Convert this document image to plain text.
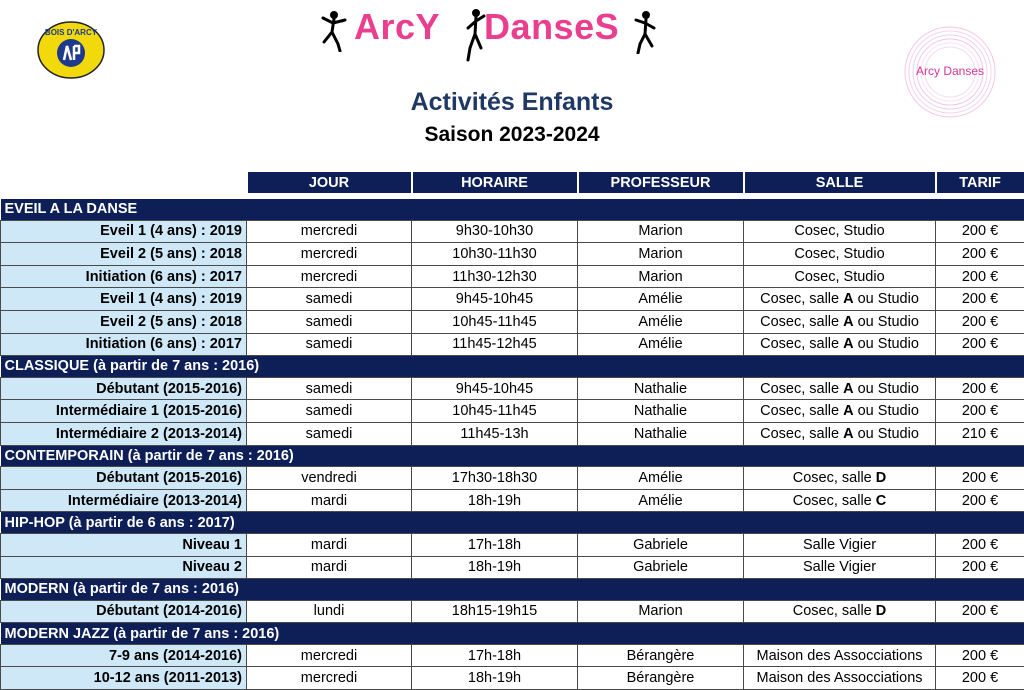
ArcY DanseS
BOIS D'ARCY
Arcy Danses
Activités Enfants
Saison 2023-2024
	JOUR	HORAIRE	PROFESSEUR	SALLE	TARIF

EVEIL A LA DANSE					
Eveil 1 (4 ans) : 2019	mercredi	9h30-10h30	Marion	Cosec, Studio	200 €
Eveil 2 (5 ans) : 2018	mercredi	10h30-11h30	Marion	Cosec, Studio	200 €
Initiation (6 ans) : 2017	mercredi	11h30-12h30	Marion	Cosec, Studio	200 €
Eveil 1 (4 ans) : 2019	samedi	9h45-10h45	Amélie	Cosec, salle A ou Studio	200 €
Eveil 2 (5 ans) : 2018	samedi	10h45-11h45	Amélie	Cosec, salle A ou Studio	200 €
Initiation (6 ans) : 2017	samedi	11h45-12h45	Amélie	Cosec, salle A ou Studio	200 €
CLASSIQUE (à partir de 7 ans : 2016)					
Débutant (2015-2016)	samedi	9h45-10h45	Nathalie	Cosec, salle A ou Studio	200 €
Intermédiaire 1 (2015-2016)	samedi	10h45-11h45	Nathalie	Cosec, salle A ou Studio	200 €
Intermédiaire 2 (2013-2014)	samedi	11h45-13h	Nathalie	Cosec, salle A ou Studio	210 €
CONTEMPORAIN (à partir de 7 ans : 2016)					
Débutant (2015-2016)	vendredi	17h30-18h30	Amélie	Cosec, salle D	200 €
Intermédiaire (2013-2014)	mardi	18h-19h	Amélie	Cosec, salle C	200 €
HIP-HOP (à partir de 6 ans : 2017)					
Niveau 1	mardi	17h-18h	Gabriele	Salle Vigier	200 €
Niveau 2	mardi	18h-19h	Gabriele	Salle Vigier	200 €
MODERN (à partir de 7 ans : 2016)					
Débutant (2014-2016)	lundi	18h15-19h15	Marion	Cosec, salle D	200 €
MODERN JAZZ (à partir de 7 ans : 2016)					
7-9 ans (2014-2016)	mercredi	17h-18h	Bérangère	Maison des Assocciations	200 €
10-12 ans (2011-2013)	mercredi	18h-19h	Bérangère	Maison des Assocciations	200 €
